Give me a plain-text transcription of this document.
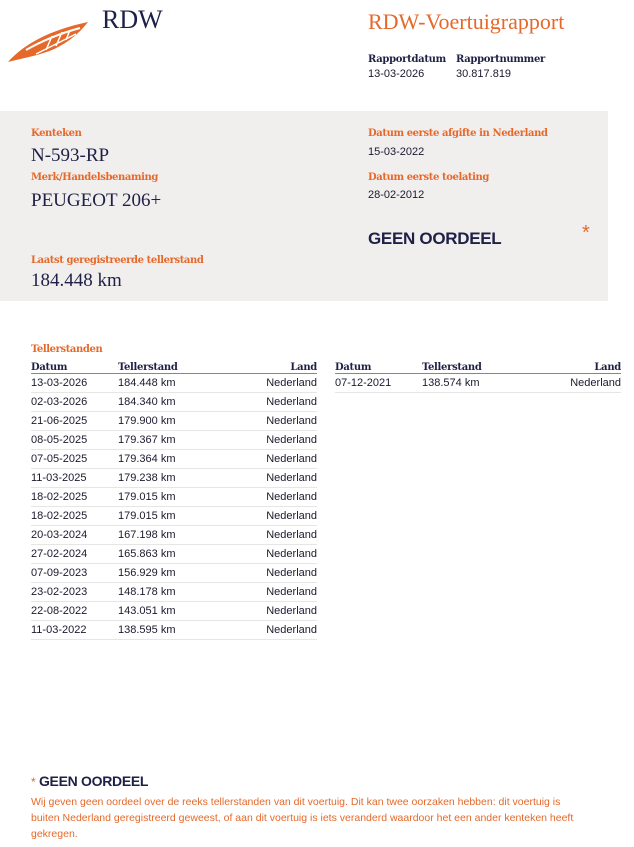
RDW	RDW-Voertuigrapport
Rapportdatum
13-03-2026
Rapportnummer
30.817.819
Kenteken
N-593-RP
Merk/Handelsbenaming
PEUGEOT 206+
Laatst geregistreerde tellerstand
184.448 km
Datum eerste afgifte in Nederland
15-03-2022
Datum eerste toelating
28-02-2012
GEEN OORDEEL	*
Tellerstanden
Datum	Tellerstand	Land
13-03-2026	184.448 km	Nederland
02-03-2026	184.340 km	Nederland
21-06-2025	179.900 km	Nederland
08-05-2025	179.367 km	Nederland
07-05-2025	179.364 km	Nederland
11-03-2025	179.238 km	Nederland
18-02-2025	179.015 km	Nederland
18-02-2025	179.015 km	Nederland
20-03-2024	167.198 km	Nederland
27-02-2024	165.863 km	Nederland
07-09-2023	156.929 km	Nederland
23-02-2023	148.178 km	Nederland
22-08-2022	143.051 km	Nederland
11-03-2022	138.595 km	Nederland
Datum	Tellerstand	Land
07-12-2021	138.574 km	Nederland
* GEEN OORDEEL
Wij geven geen oordeel over de reeks tellerstanden van dit voertuig. Dit kan twee oorzaken hebben: dit voertuig is buiten Nederland geregistreerd geweest, of aan dit voertuig is iets veranderd waardoor het een ander kenteken heeft gekregen.
